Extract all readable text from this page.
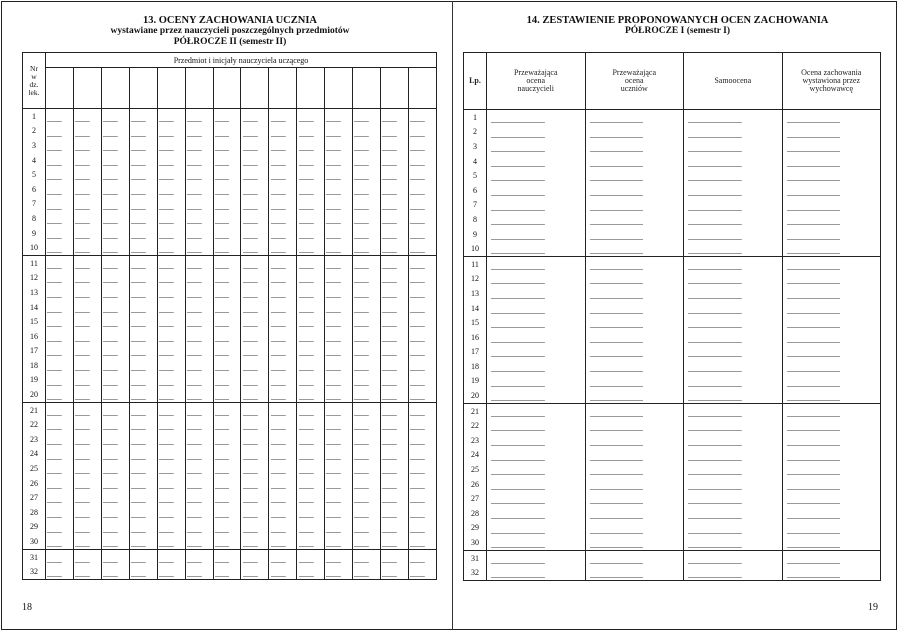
13. OCENY ZACHOWANIA UCZNIA
wystawiane przez nauczycieli poszczególnych przedmiotów
PÓŁROCZE II (semestr II)
14. ZESTAWIENIE PROPONOWANYCH OCEN ZACHOWANIA
PÓŁROCZE I (semestr I)
Nr
w
dz.
lek.	Przedmiot i inicjały nauczyciela uczącego													

1														
2														
3														
4														
5														
6														
7														
8														
9														
10														
11														
12														
13														
14														
15														
16														
17														
18														
19														
20														
21														
22														
23														
24														
25														
26														
27														
28														
29														
30														
31														
32														
Lp.	Przeważająca
ocena
nauczycieli	Przeważająca
ocena
uczniów	Samoocena	Ocena zachowania
wystawiona przez
wychowawcę

1				
2				
3				
4				
5				
6				
7				
8				
9				
10				
11				
12				
13				
14				
15				
16				
17				
18				
19				
20				
21				
22				
23				
24				
25				
26				
27				
28				
29				
30				
31				
32				
18	19
